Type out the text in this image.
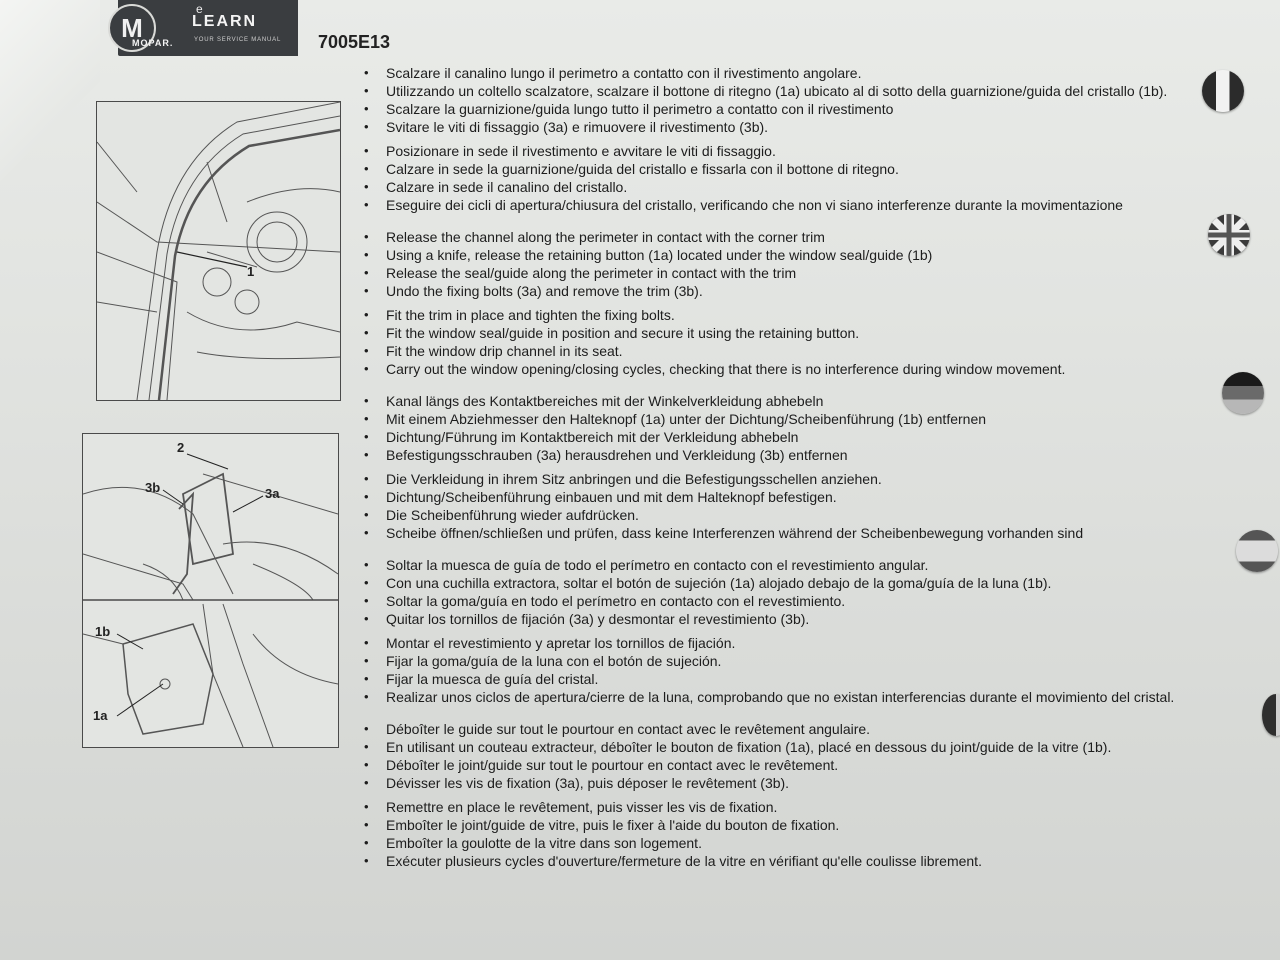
M
e
LEARN
MOPAR.	YOUR SERVICE MANUAL 7005E13
1
2
3b	3a
1b
1a
• Scalzare il canalino lungo il perimetro a contatto con il rivestimento angolare.
• Utilizzando un coltello scalzatore, scalzare il bottone di ritegno (1a) ubicato al di sotto della guarnizione/guida del cristallo (1b).
• Scalzare la guarnizione/guida lungo tutto il perimetro a contatto con il rivestimento
• Svitare le viti di fissaggio (3a) e rimuovere il rivestimento (3b).
• Posizionare in sede il rivestimento e avvitare le viti di fissaggio.
• Calzare in sede la guarnizione/guida del cristallo e fissarla con il bottone di ritegno.
• Calzare in sede il canalino del cristallo.
• Eseguire dei cicli di apertura/chiusura del cristallo, verificando che non vi siano interferenze durante la movimentazione
• Release the channel along the perimeter in contact with the corner trim
• Using a knife, release the retaining button (1a) located under the window seal/guide (1b)
• Release the seal/guide along the perimeter in contact with the trim
• Undo the fixing bolts (3a) and remove the trim (3b).
• Fit the trim in place and tighten the fixing bolts.
• Fit the window seal/guide in position and secure it using the retaining button.
• Fit the window drip channel in its seat.
• Carry out the window opening/closing cycles, checking that there is no interference during window movement.
• Kanal längs des Kontaktbereiches mit der Winkelverkleidung abhebeln
• Mit einem Abziehmesser den Halteknopf (1a) unter der Dichtung/Scheibenführung (1b) entfernen
• Dichtung/Führung im Kontaktbereich mit der Verkleidung abhebeln
• Befestigungsschrauben (3a) herausdrehen und Verkleidung (3b) entfernen
• Die Verkleidung in ihrem Sitz anbringen und die Befestigungsschellen anziehen.
• Dichtung/Scheibenführung einbauen und mit dem Halteknopf befestigen.
• Die Scheibenführung wieder aufdrücken.
• Scheibe öffnen/schließen und prüfen, dass keine Interferenzen während der Scheibenbewegung vorhanden sind
• Soltar la muesca de guía de todo el perímetro en contacto con el revestimiento angular.
• Con una cuchilla extractora, soltar el botón de sujeción (1a) alojado debajo de la goma/guía de la luna (1b).
• Soltar la goma/guía en todo el perímetro en contacto con el revestimiento.
• Quitar los tornillos de fijación (3a) y desmontar el revestimiento (3b).
• Montar el revestimiento y apretar los tornillos de fijación.
• Fijar la goma/guía de la luna con el botón de sujeción.
• Fijar la muesca de guía del cristal.
• Realizar unos ciclos de apertura/cierre de la luna, comprobando que no existan interferencias durante el movimiento del cristal.
• Déboîter le guide sur tout le pourtour en contact avec le revêtement angulaire.
• En utilisant un couteau extracteur, déboîter le bouton de fixation (1a), placé en dessous du joint/guide de la vitre (1b).
• Déboîter le joint/guide sur tout le pourtour en contact avec le revêtement.
• Dévisser les vis de fixation (3a), puis déposer le revêtement (3b).
• Remettre en place le revêtement, puis visser les vis de fixation.
• Emboîter le joint/guide de vitre, puis le fixer à l'aide du bouton de fixation.
• Emboîter la goulotte de la vitre dans son logement.
• Exécuter plusieurs cycles d'ouverture/fermeture de la vitre en vérifiant qu'elle coulisse librement.
